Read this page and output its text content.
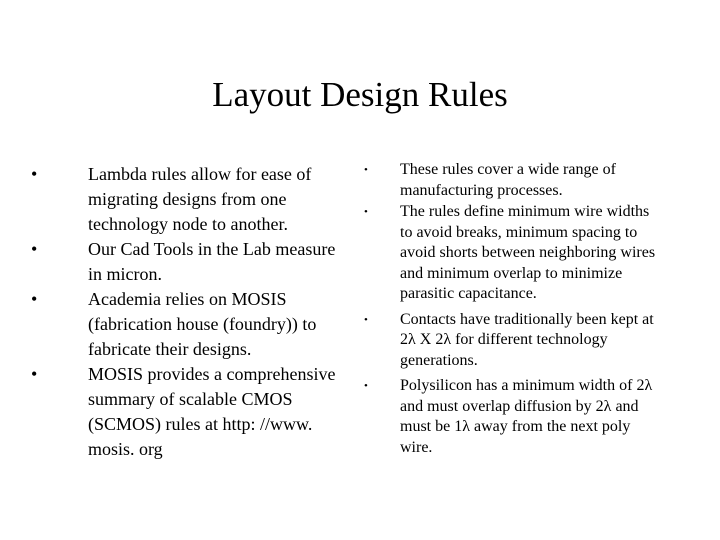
Layout Design Rules
•	Lambda rules allow for ease of migrating designs from one technology node to another.
•	Our Cad Tools in the Lab measure in micron.
•	Academia relies on MOSIS (fabrication house (foundry)) to fabricate their designs.
•	MOSIS provides a comprehensive summary of scalable CMOS (SCMOS) rules at http: //www. mosis. org
• These rules cover a wide range of manufacturing processes.
• The rules define minimum wire widths to avoid breaks, minimum spacing to avoid shorts between neighboring wires and minimum overlap to minimize parasitic capacitance.
• Contacts have traditionally been kept at 2λ X 2λ for different technology generations.
• Polysilicon has a minimum width of 2λ and must overlap diffusion by 2λ and must be 1λ away from the next poly wire.
